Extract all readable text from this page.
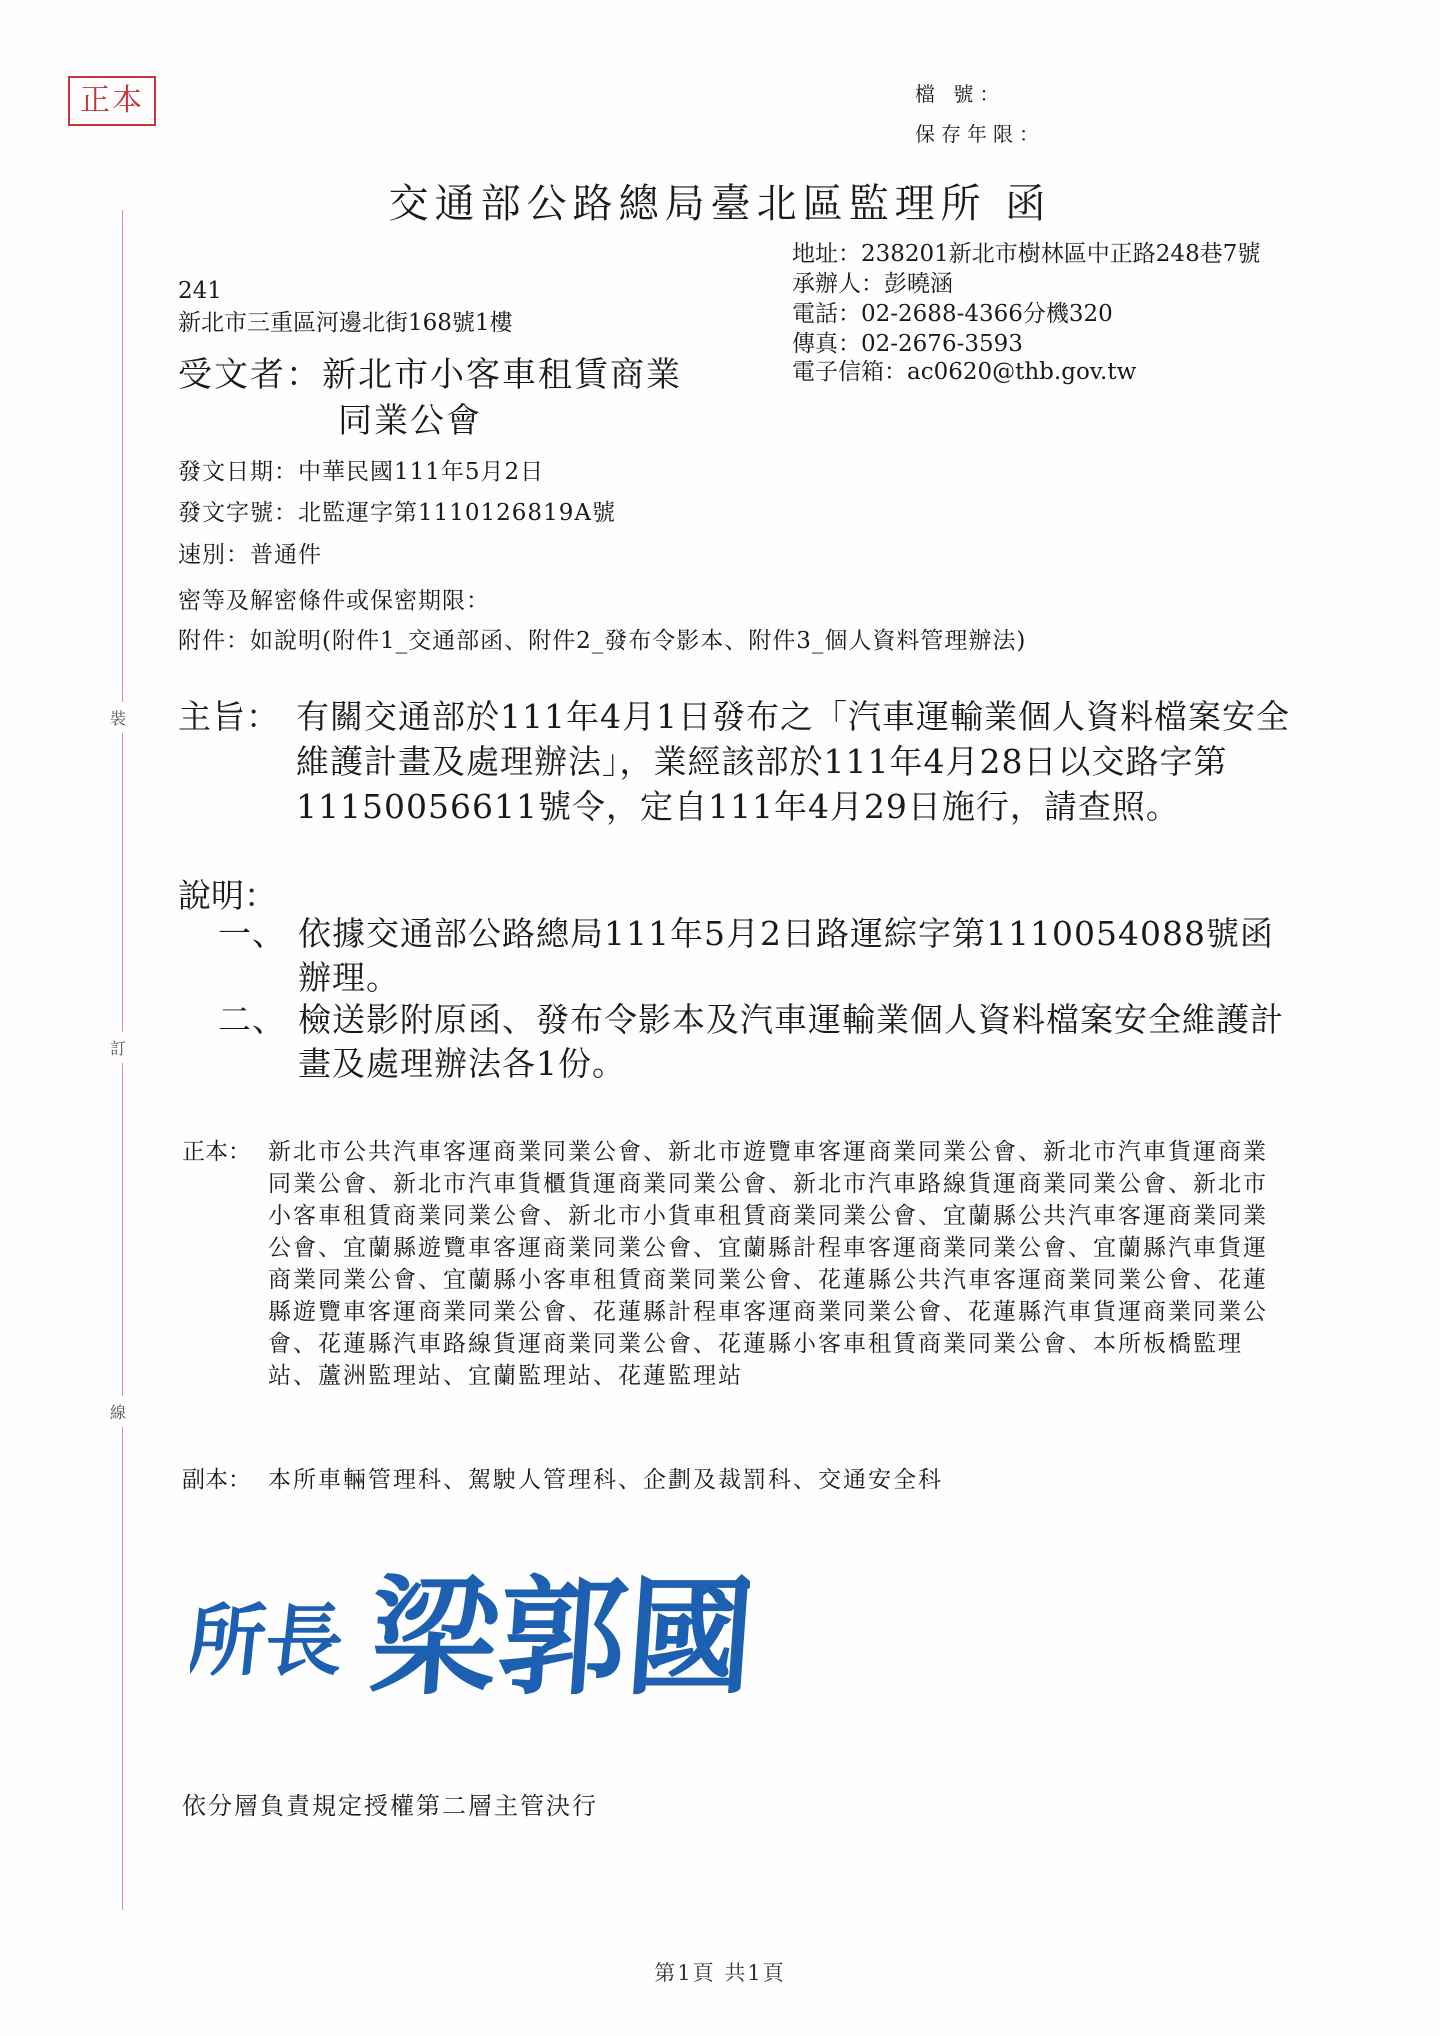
裝
訂
線
正本	檔 號：
保存年限：
交通部公路總局臺北區監理所 函
地址：238201新北市樹林區中正路248巷7號
承辦人：彭曉涵
電話：02-2688-4366分機320
傳真：02-2676-3593
電子信箱：ac0620@thb.gov.tw
241
新北市三重區河邊北街168號1樓
受文者：新北市小客車租賃商業
同業公會
發文日期：中華民國111年5月2日
發文字號：北監運字第1110126819A號
速別：普通件
密等及解密條件或保密期限：
附件：如說明(附件1_交通部函、附件2_發布令影本、附件3_個人資料管理辦法)
主旨： 有關交通部於111年4月1日發布之「汽車運輸業個人資料檔案安全維護計畫及處理辦法」，業經該部於111年4月28日以交路字第11150056611號令，定自111年4月29日施行，請查照。
說明：
一、 依據交通部公路總局111年5月2日路運綜字第1110054088號函辦理。
二、 檢送影附原函、發布令影本及汽車運輸業個人資料檔案安全維護計畫及處理辦法各1份。
正本： 新北市公共汽車客運商業同業公會、新北市遊覽車客運商業同業公會、新北市汽車貨運商業同業公會、新北市汽車貨櫃貨運商業同業公會、新北市汽車路線貨運商業同業公會、新北市小客車租賃商業同業公會、新北市小貨車租賃商業同業公會、宜蘭縣公共汽車客運商業同業公會、宜蘭縣遊覽車客運商業同業公會、宜蘭縣計程車客運商業同業公會、宜蘭縣汽車貨運商業同業公會、宜蘭縣小客車租賃商業同業公會、花蓮縣公共汽車客運商業同業公會、花蓮縣遊覽車客運商業同業公會、花蓮縣計程車客運商業同業公會、花蓮縣汽車貨運商業同業公會、花蓮縣汽車路線貨運商業同業公會、花蓮縣小客車租賃商業同業公會、本所板橋監理站、蘆洲監理站、宜蘭監理站、花蓮監理站
副本： 本所車輛管理科、駕駛人管理科、企劃及裁罰科、交通安全科
所長 梁郭國
依分層負責規定授權第二層主管決行
第1頁 共1頁
